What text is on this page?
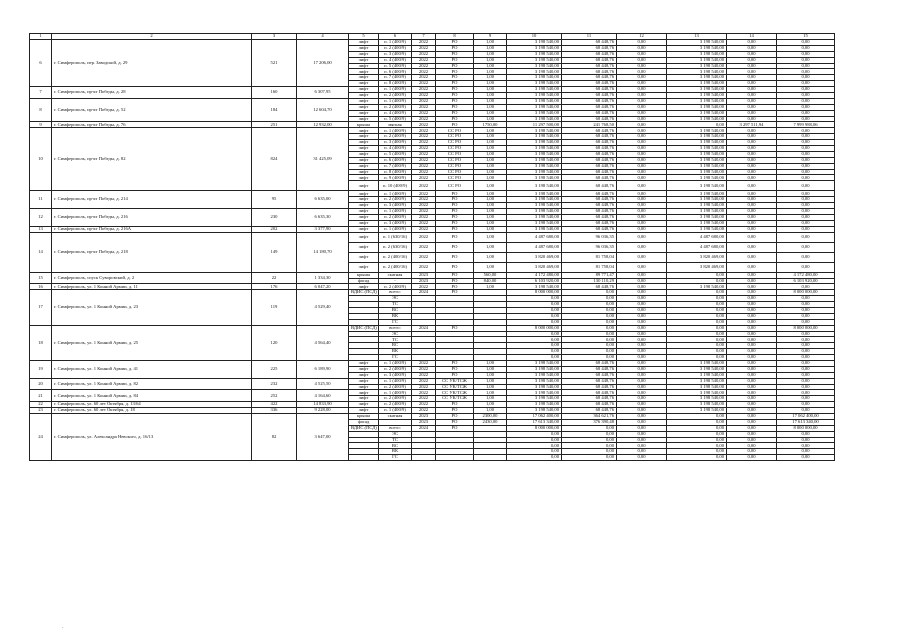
1	2	3	4	5	6	7	8	9	10	11	12	13	14	15
6	г. Симферополь, пер. Заводской, д. 29	521	17 206,00	лифт	п. 1 (400/9)	2022	РО	1,00	3 198 540,00	68 448,76	0,00	3 198 540,00	0,00	0,00
				лифт	п. 2 (400/9)	2022	РО	1,00	3 198 540,00	68 448,76	0,00	3 198 540,00	0,00	0,00
				лифт	п. 3 (400/9)	2022	РО	1,00	3 198 540,00	68 448,76	0,00	3 198 540,00	0,00	0,00
				лифт	п. 4 (400/9)	2022	РО	1,00	3 198 540,00	68 448,76	0,00	3 198 540,00	0,00	0,00
				лифт	п. 5 (400/9)	2022	РО	1,00	3 198 540,00	68 448,76	0,00	3 198 540,00	0,00	0,00
				лифт	п. 6 (400/9)	2022	РО	1,00	3 198 540,00	68 448,76	0,00	3 198 540,00	0,00	0,00
				лифт	п. 7 (400/9)	2022	РО	1,00	3 198 540,00	68 448,76	0,00	3 198 540,00	0,00	0,00
				лифт	п. 8 (400/9)	2022	РО	1,00	3 198 540,00	68 448,76	0,00	3 198 540,00	0,00	0,00
7	г. Симферополь, пр-кт Победы, д. 28	160	6 307,95	лифт	п. 1 (400/9)	2022	РО	1,00	3 198 540,00	68 448,76	0,00	3 198 540,00	0,00	0,00
				лифт	п. 2 (400/9)	2022	РО	1,00	3 198 540,00	68 448,76	0,00	3 198 540,00	0,00	0,00
8	г. Симферополь, пр-кт Победы, д. 52	184	12 604,70	лифт	п. 1 (400/9)	2022	РО	1,00	3 198 540,00	68 448,76	0,00	3 198 540,00	0,00	0,00
				лифт	п. 2 (400/9)	2022	РО	1,00	3 198 540,00	68 448,76	0,00	3 198 540,00	0,00	0,00
				лифт	п. 4 (400/9)	2022	РО	1,00	3 198 540,00	68 448,76	0,00	3 198 540,00	0,00	0,00
				лифт	п. 5 (400/9)	2022	РО	1,00	3 198 540,00	68 448,76	0,00	3 198 540,00	0,00	0,00
9	г. Симферополь, пр-кт Победы, д. 76	251	12 932,00	крыша	мягкая	2022	РО	1750,00	11 297 500,00	241 768,50	0,00	0,00	3 297 511,94	7 999 988,06
10	г. Симферополь, пр-кт Победы, д. 82	824	31 425,09	лифт	п. 1 (400/9)	2022	СС РО	1,00	3 198 540,00	68 448,76	0,00	3 198 540,00	0,00	0,00
				лифт	п. 2 (400/9)	2022	СС РО	1,00	3 198 540,00	68 448,76	0,00	3 198 540,00	0,00	0,00
				лифт	п. 3 (400/9)	2022	СС РО	1,00	3 198 540,00	68 448,76	0,00	3 198 540,00	0,00	0,00
				лифт	п. 4 (400/9)	2022	СС РО	1,00	3 198 540,00	68 448,76	0,00	3 198 540,00	0,00	0,00
				лифт	п. 5 (400/9)	2022	СС РО	1,00	3 198 540,00	68 448,76	0,00	3 198 540,00	0,00	0,00
				лифт	п. 6 (400/9)	2022	СС РО	1,00	3 198 540,00	68 448,76	0,00	3 198 540,00	0,00	0,00
				лифт	п. 7 (400/9)	2022	СС РО	1,00	3 198 540,00	68 448,76	0,00	3 198 540,00	0,00	0,00
				лифт	п. 8 (400/9)	2022	СС РО	1,00	3 198 540,00	68 448,76	0,00	3 198 540,00	0,00	0,00
				лифт	п. 9 (400/9)	2022	СС РО	1,00	3 198 540,00	68 448,76	0,00	3 198 540,00	0,00	0,00
				лифт	п. 10 (400/9)	2022	СС РО	1,00	3 198 540,00	68 448,76	0,00	3 198 540,00	0,00	0,00
11	г. Симферополь, пр-кт Победы, д. 214	95	6 635,00	лифт	п. 1 (400/9)	2022	РО	1,00	3 198 540,00	68 448,76	0,00	3 198 540,00	0,00	0,00
				лифт	п. 2 (400/9)	2022	РО	1,00	3 198 540,00	68 448,76	0,00	3 198 540,00	0,00	0,00
				лифт	п. 3 (400/9)	2022	РО	1,00	3 198 540,00	68 448,76	0,00	3 198 540,00	0,00	0,00
12	г. Симферополь, пр-кт Победы, д. 216	230	6 635,30	лифт	п. 1 (400/9)	2022	РО	1,00	3 198 540,00	68 448,76	0,00	3 198 540,00	0,00	0,00
				лифт	п. 2 (400/9)	2022	РО	1,00	3 198 540,00	68 448,76	0,00	3 198 540,00	0,00	0,00
				лифт	п. 3 (400/9)	2022	РО	1,00	3 198 540,00	68 448,76	0,00	3 198 540,00	0,00	0,00
13	г. Симферополь, пр-кт Победы, д. 216А	202	3 377,90	лифт	п. 1 (400/9)	2022	РО	1,00	3 198 540,00	68 448,76	0,00	3 198 540,00	0,00	0,00
14	г. Симферополь, пр-кт Победы, д. 218	149	14 180,70	лифт	п. 1 (630/16)	2022	РО	1,00	4 487 680,00	96 036,35	0,00	4 487 680,00	0,00	0,00
				лифт	п. 2 (630/16)	2022	РО	1,00	4 487 680,00	96 036,35	0,00	4 487 680,00	0,00	0,00
				лифт	п. 2 (400/16)	2022	РО	1,00	3 820 469,00	81 758,04	0,00	3 820 469,00	0,00	0,00
				лифт	п. 2 (400/16)	2022	РО	1,00	3 820 469,00	81 758,04	0,00	3 820 469,00	0,00	0,00
15	г. Симферополь, спуск Суворовский, д. 2	22	1 334,30	крыша	скатная	2023	РО	560,00	4 172 480,00	89 771,47	0,00	0,00	0,00	4 172 480,00
				фасад	-	2023	РО	840,00	6 103 920,00	130 110,29	0,00	0,00	0,00	6 103 920,00
16	г. Симферополь, ул. 1 Конной Армии, д. 11	176	6 047,20	лифт	п. 2 (400/9)	2022	РО	1,00	3 198 540,00	68 448,76	0,00	3 198 540,00	0,00	0,00
17	г. Симферополь, ул. 1 Конной Армии, д. 23	119	4 529,40	ВДИС (ПСД)	всего:	2024	РО		8 000 000,00	0,00	0,00	0,00	0,00	8 000 000,00
					ЭС				0,00	0,00	0,00	0,00	0,00	0,00
					ТС				0,00	0,00	0,00	0,00	0,00	0,00
					ВС				0,00	0,00	0,00	0,00	0,00	0,00
					ВК				0,00	0,00	0,00	0,00	0,00	0,00
					ГС				0,00	0,00	0,00	0,00	0,00	0,00
18	г. Симферополь, ул. 1 Конной Армии, д. 25	120	4 564,40	ВДИС (ПСД)	всего:	2024	РО		8 000 000,00	0,00	0,00	0,00	0,00	8 000 000,00
					ЭС				0,00	0,00	0,00	0,00	0,00	0,00
					ТС				0,00	0,00	0,00	0,00	0,00	0,00
					ВС				0,00	0,00	0,00	0,00	0,00	0,00
					ВК				0,00	0,00	0,00	0,00	0,00	0,00
					ГС				0,00	0,00	0,00	0,00	0,00	0,00
19	г. Симферополь, ул. 1 Конной Армии, д. 41	225	6 189,90	лифт	п. 1 (400/9)	2022	РО	1,00	3 198 540,00	68 448,76	0,00	3 198 540,00	0,00	0,00
				лифт	п. 2 (400/9)	2022	РО	1,00	3 198 540,00	68 448,76	0,00	3 198 540,00	0,00	0,00
				лифт	п. 3 (400/9)	2022	РО	1,00	3 198 540,00	68 448,76	0,00	3 198 540,00	0,00	0,00
20	г. Симферополь, ул. 1 Конной Армии, д. 82	232	4 525,50	лифт	п. 1 (400/9)	2022	СС УК/ТСЖ	1,00	3 198 540,00	68 448,76	0,00	3 198 540,00	0,00	0,00
				лифт	п. 2 (400/9)	2022	СС УК/ТСЖ	1,00	3 198 540,00	68 448,76	0,00	3 198 540,00	0,00	0,00
21	г. Симферополь, ул. 1 Конной Армии, д. 84	252	4 164,60	лифт	п. 1 (400/9)	2022	СС УК/ТСЖ	1,00	3 198 540,00	68 448,76	0,00	3 198 540,00	0,00	0,00
				лифт	п. 2 (400/9)	2022	СС УК/ТСЖ	1,00	3 198 540,00	68 448,76	0,00	3 198 540,00	0,00	0,00
22	г. Симферополь, ул. 60 лет Октября, д. 13/64	422	14 833,90	лифт	п. 2 (400/9)	2022	РО	1,00	3 198 540,00	68 448,76	0,00	3 198 540,00	0,00	0,00
23	г. Симферополь, ул. 60 лет Октября, д. 18	336	9 228,00	лифт	п. 1 (400/9)	2022	РО	1,00	3 198 540,00	68 448,76	0,00	3 198 540,00	0,00	0,00
24	г. Симферополь, ул. Александра Невского, д. 16/13	82	3 647,00	крыша	скатная	2023	РО	2300,00	17 062 400,00	364 621,76	0,00	0,00	0,00	17 062 400,00
				фасад		2023	РО	2430,00	17 613 340,00	376 390,48	0,00	0,00	0,00	17 613 340,00
				ВДИС (ПСД)	всего:	2024	РО		8 000 000,00	0,00	0,00	0,00	0,00	8 000 000,00
					ЭС				0,00	0,00	0,00	0,00	0,00	0,00
					ТС				0,00	0,00	0,00	0,00	0,00	0,00
					ВС				0,00	0,00	0,00	0,00	0,00	0,00
					ВК				0,00	0,00	0,00	0,00	0,00	0,00
					ГС				0,00	0,00	0,00	0,00	0,00	0,00
·
